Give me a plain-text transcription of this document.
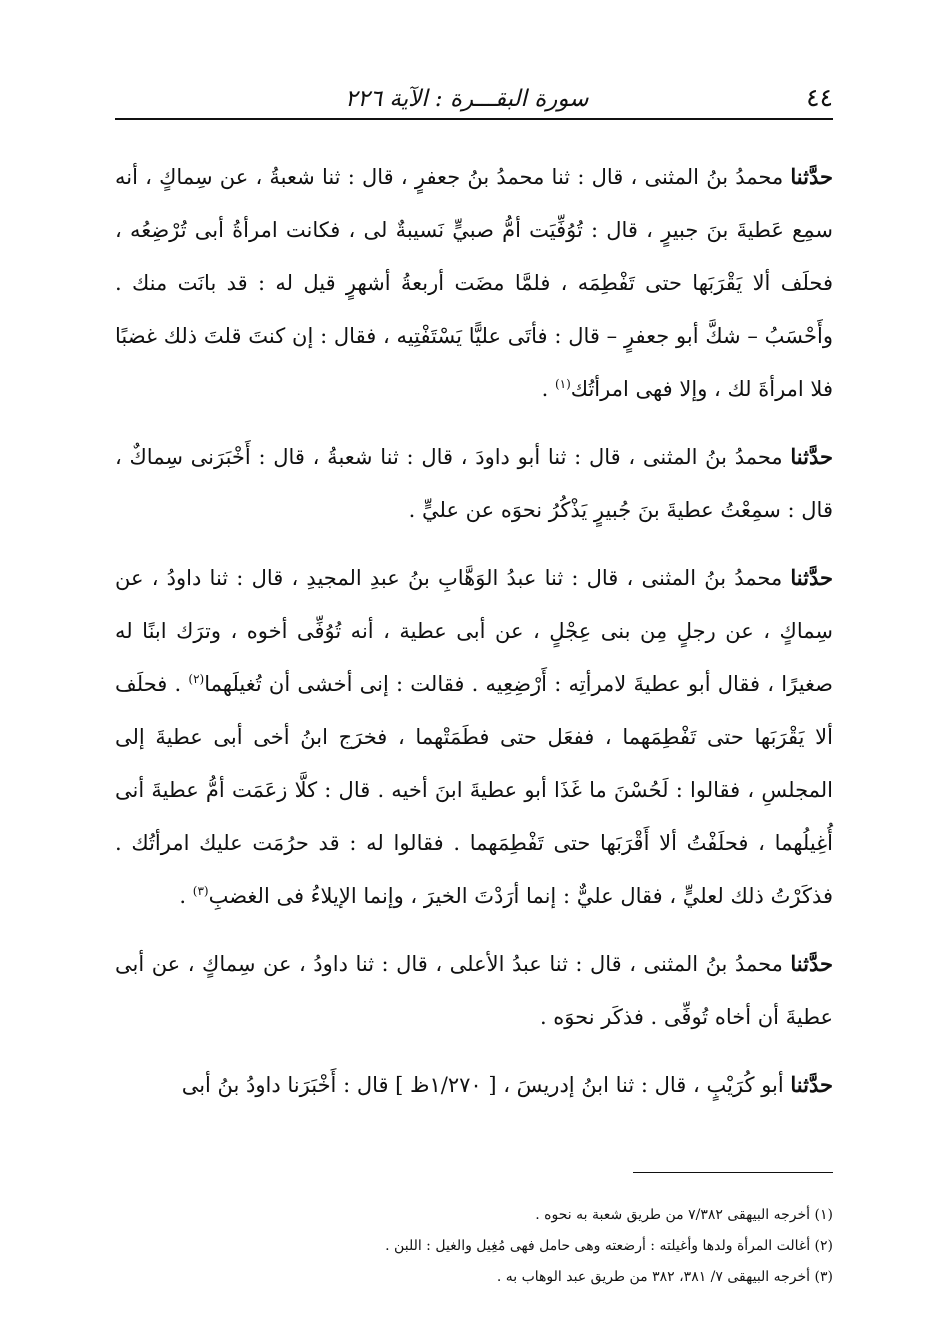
٤٤
سورة البقـــرة : الآية ٢٢٦

حدَّثنا محمدُ بنُ المثنى ، قال : ثنا محمدُ بنُ جعفرٍ ، قال : ثنا شعبةُ ، عن سِماكٍ ، أنه سمِع عَطيةَ بنَ جبيرٍ ، قال : تُوُفِّيَت أمُّ صبيٍّ نَسيبةٌ لى ، فكانت امرأةُ أبى تُرْضِعُه ، فحلَف ألا يَقْرَبَها حتى تَفْطِمَه ، فلمَّا مضَت أربعةُ أشهرٍ قيل له : قد بانَت منك . وأَحْسَبُ – شكَّ أبو جعفرٍ – قال : فأتَى عليًّا يَسْتَفْتِيه ، فقال : إن كنتَ قلتَ ذلك غضبًا فلا امرأةَ لك ، وإلا فهى امرأتُك$^{(١)}$ .

حدَّثنا محمدُ بنُ المثنى ، قال : ثنا أبو داودَ ، قال : ثنا شعبةُ ، قال : أَخْبَرَنى سِماكٌ ، قال : سمِعْتُ عطيةَ بنَ جُبيرٍ يَذْكُرُ نحوَه عن عليٍّ .

حدَّثنا محمدُ بنُ المثنى ، قال : ثنا عبدُ الوَهَّابِ بنُ عبدِ المجيدِ ، قال : ثنا داودُ ، عن سِماكٍ ، عن رجلٍ مِن بنى عِجْلٍ ، عن أبى عطية ، أنه تُوُفِّى أخوه ، وترَك ابنًا له صغيرًا ، فقال أبو عطيةَ لامرأتِه : أَرْضِعِيه . فقالت : إنى أخشى أن تُغيلَهما$^{(٢)}$ . فحلَف ألا يَقْرَبَها حتى تَفْطِمَهما ، ففعَل حتى فطَمَتْهما ، فخرَج ابنُ أخى أبى عطيةَ إلى المجلسِ ، فقالوا : لَحُسْنَ ما غَذَا أبو عطيةَ ابنَ أخيه . قال : كلَّا زعَمَت أمُّ عطيةَ أنى أُغِيلُهما ، فحلَفْتُ ألا أَقْرَبَها حتى تَفْطِمَهما . فقالوا له : قد حرُمَت عليك امرأتُك . فذكَرْتُ ذلك لعليٍّ ، فقال عليٌّ : إنما أرَدْتَ الخيرَ ، وإنما الإيلاءُ فى الغضبِ$^{(٣)}$ .

حدَّثنا محمدُ بنُ المثنى ، قال : ثنا عبدُ الأعلى ، قال : ثنا داودُ ، عن سِماكٍ ، عن أبى عطيةَ أن أخاه تُوفِّى . فذكَر نحوَه .

حدَّثنا أبو كُرَيْبٍ ، قال : ثنا ابنُ إدريسَ ، [ ١/٢٧٠ظ ] قال : أَخْبَرَنا داودُ بنُ أبى

(١) أخرجه البيهقى ٧/٣٨٢ من طريق شعبة به نحوه .
(٢) أغالت المرأة ولدها وأغيلته : أرضعته وهى حامل فهى مُغِيل والغيل : اللبن .
(٣) أخرجه البيهقى ٧/ ٣٨١، ٣٨٢ من طريق عبد الوهاب به .
